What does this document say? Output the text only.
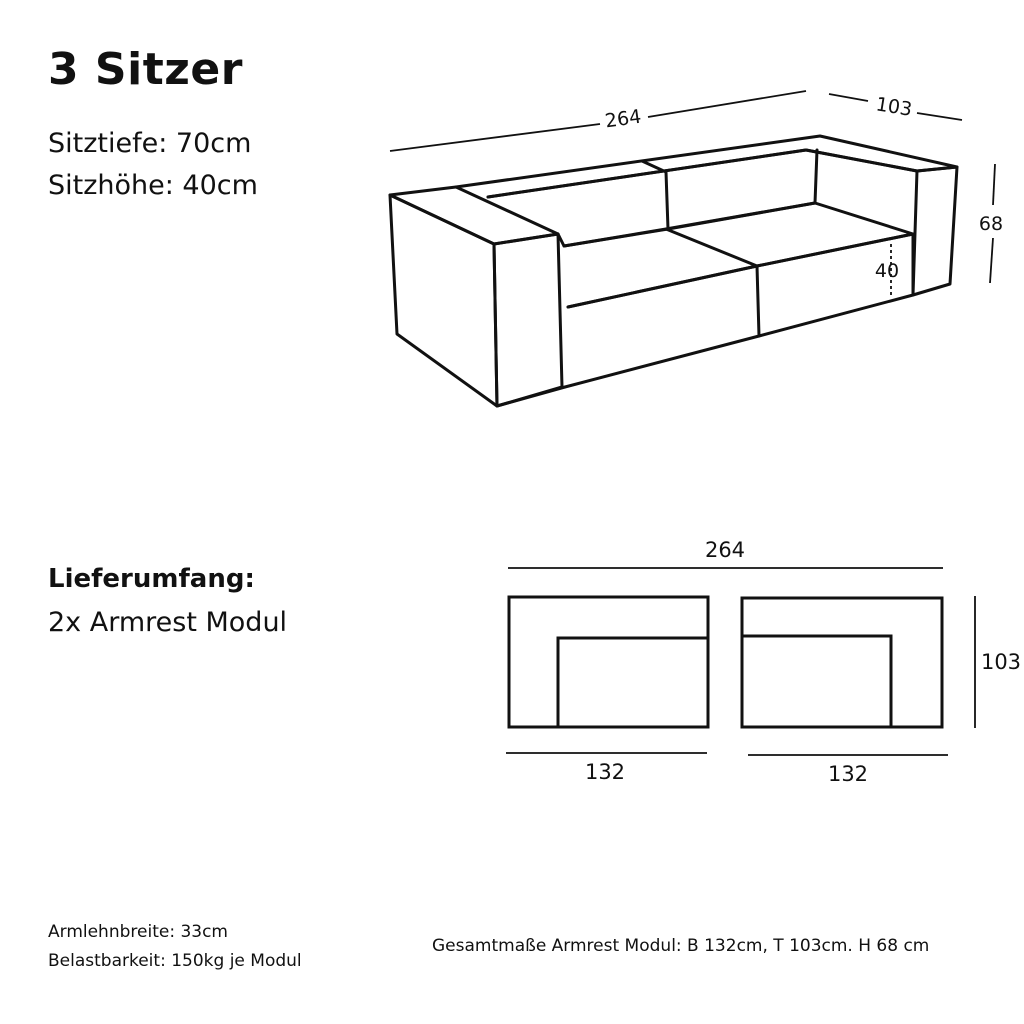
3 Sitzer
Sitztiefe: 70cm
Sitzhöhe: 40cm
Lieferumfang:
2x Armrest Modul
Armlehnbreite: 33cm
Belastbarkeit: 150kg je Modul
Gesamtmaße Armrest Modul: B 132cm, T 103cm. H 68 cm
264	103
68
40
264
103
132	132
